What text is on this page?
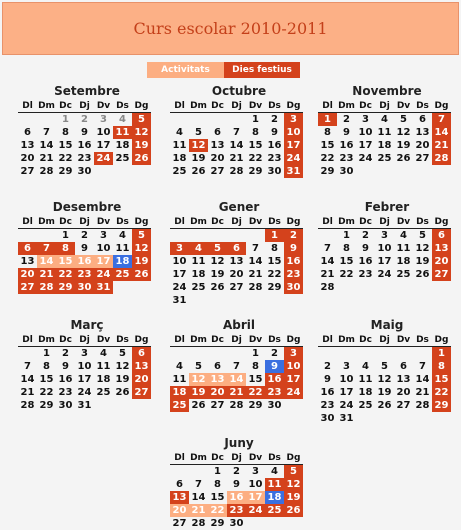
Curs escolar 2010-2011
Activitats	Dies festius
Setembre
Dl	Dm	Dc	Dj	Dv	Ds	Dg
		1	2	3	4	5
6	7	8	9	10	11	12
13	14	15	16	17	18	19
20	21	22	23	24	25	26
27	28	29	30			
Octubre
Dl	Dm	Dc	Dj	Dv	Ds	Dg
				1	2	3
4	5	6	7	8	9	10
11	12	13	14	15	16	17
18	19	20	21	22	23	24
25	26	27	28	29	30	31
Novembre
Dl	Dm	Dc	Dj	Dv	Ds	Dg
1	2	3	4	5	6	7
8	9	10	11	12	13	14
15	16	17	18	19	20	21
22	23	24	25	26	27	28
29	30					
Desembre
Dl	Dm	Dc	Dj	Dv	Ds	Dg
		1	2	3	4	5
6	7	8	9	10	11	12
13	14	15	16	17	18	19
20	21	22	23	24	25	26
27	28	29	30	31		
Gener
Dl	Dm	Dc	Dj	Dv	Ds	Dg
					1	2
3	4	5	6	7	8	9
10	11	12	13	14	15	16
17	18	19	20	21	22	23
24	25	26	27	28	29	30
31						
Febrer
Dl	Dm	Dc	Dj	Dv	Ds	Dg
	1	2	3	4	5	6
7	8	9	10	11	12	13
14	15	16	17	18	19	20
21	22	23	24	25	26	27
28						
Març
Dl	Dm	Dc	Dj	Dv	Ds	Dg
	1	2	3	4	5	6
7	8	9	10	11	12	13
14	15	16	17	18	19	20
21	22	23	24	25	26	27
28	29	30	31			
Abril
Dl	Dm	Dc	Dj	Dv	Ds	Dg
				1	2	3
4	5	6	7	8	9	10
11	12	13	14	15	16	17
18	19	20	21	22	23	24
25	26	27	28	29	30	
Maig
Dl	Dm	Dc	Dj	Dv	Ds	Dg
						1
2	3	4	5	6	7	8
9	10	11	12	13	14	15
16	17	18	19	20	21	22
23	24	25	26	27	28	29
30	31					
Juny
Dl	Dm	Dc	Dj	Dv	Ds	Dg
		1	2	3	4	5
6	7	8	9	10	11	12
13	14	15	16	17	18	19
20	21	22	23	24	25	26
27	28	29	30			
